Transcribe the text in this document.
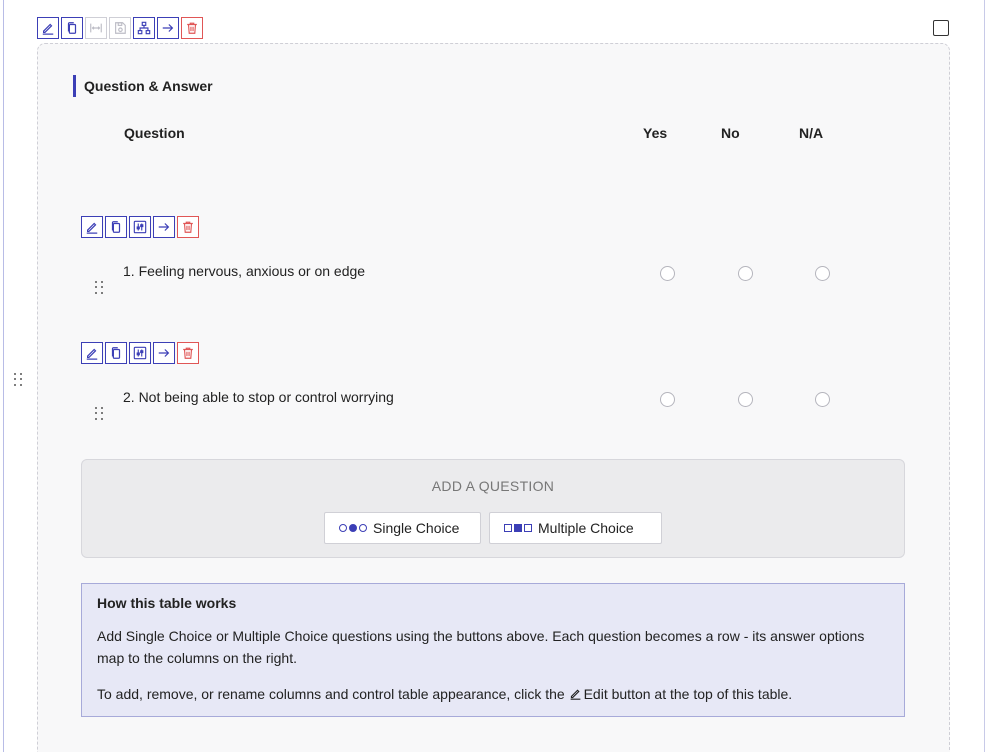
Question & Answer
Question	Yes	No	N/A
1. Feeling nervous, anxious or on edge
2. Not being able to stop or control worrying
ADD A QUESTION
Single Choice	Multiple Choice
How this table works
Add Single Choice or Multiple Choice questions using the buttons above. Each question becomes a row - its answer options map to the columns on the right.
To add, remove, or rename columns and control table appearance, click the Edit button at the top of this table.
